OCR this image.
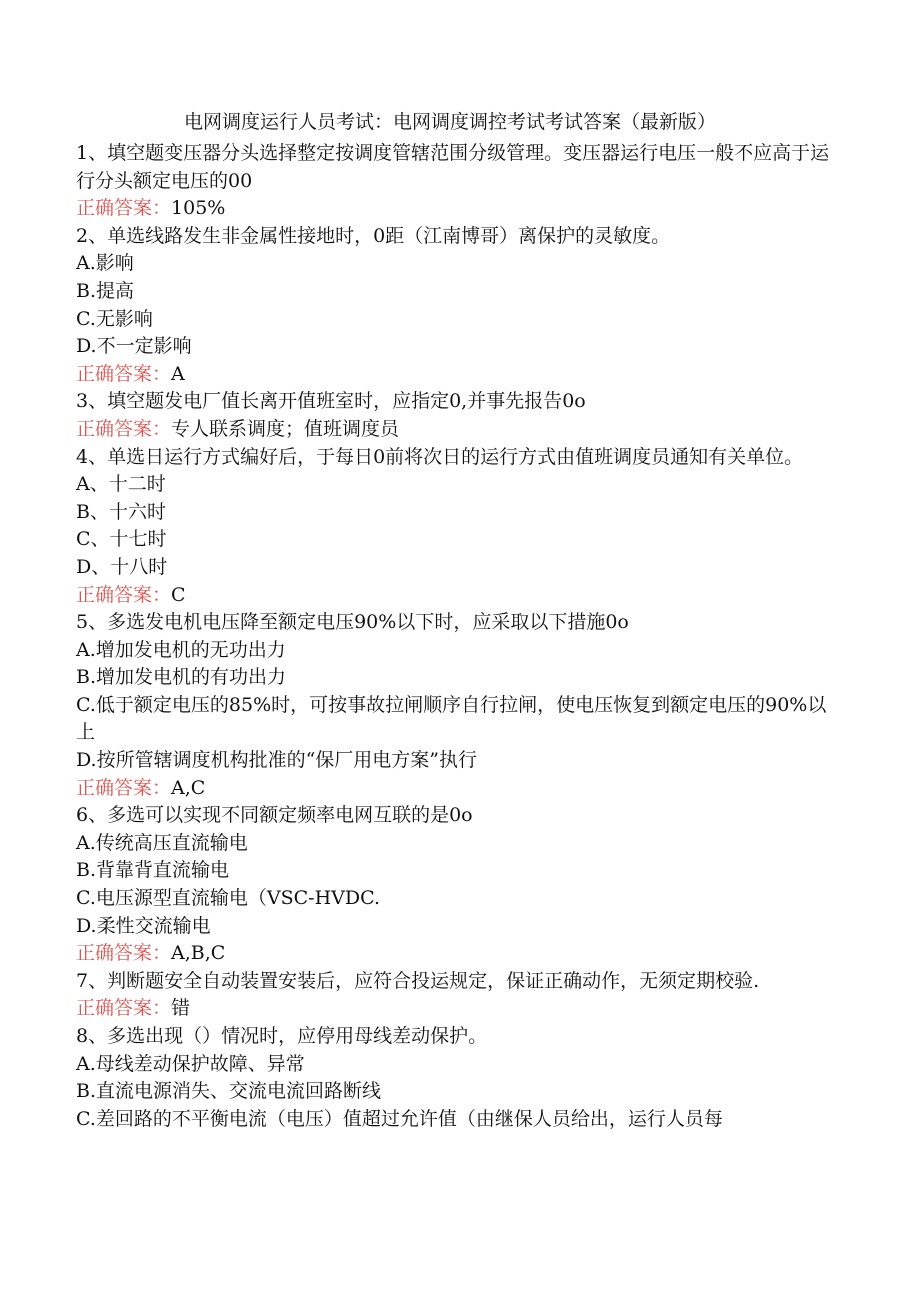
电网调度运行人员考试：电网调度调控考试考试答案（最新版）

1、填空题变压器分头选择整定按调度管辖范围分级管理。变压器运行电压一般不应高于运行分头额定电压的00

正确答案：105%

2、单选线路发生非金属性接地时，0距（江南博哥）离保护的灵敏度。

A.影响

B.提高

C.无影响

D.不一定影响

正确答案：A

3、填空题发电厂值长离开值班室时，应指定0,并事先报告0o

正确答案：专人联系调度；值班调度员

4、单选日运行方式编好后，于每日0前将次日的运行方式由值班调度员通知有关单位。

A、十二时

B、十六时

C、十七时

D、十八时

正确答案：C

5、多选发电机电压降至额定电压90%以下时，应采取以下措施0o

A.增加发电机的无功出力

B.增加发电机的有功出力

C.低于额定电压的85%时，可按事故拉闸顺序自行拉闸，使电压恢复到额定电压的90%以上

D.按所管辖调度机构批准的“保厂用电方案”执行

正确答案：A,C

6、多选可以实现不同额定频率电网互联的是0o

A.传统高压直流输电

B.背靠背直流输电

C.电压源型直流输电（VSC-HVDC.

D.柔性交流输电

正确答案：A,B,C

7、判断题安全自动装置安装后，应符合投运规定，保证正确动作，无须定期校验.

正确答案：错

8、多选出现（）情况时，应停用母线差动保护。

A.母线差动保护故障、异常

B.直流电源消失、交流电流回路断线

C.差回路的不平衡电流（电压）值超过允许值（由继保人员给出，运行人员每
